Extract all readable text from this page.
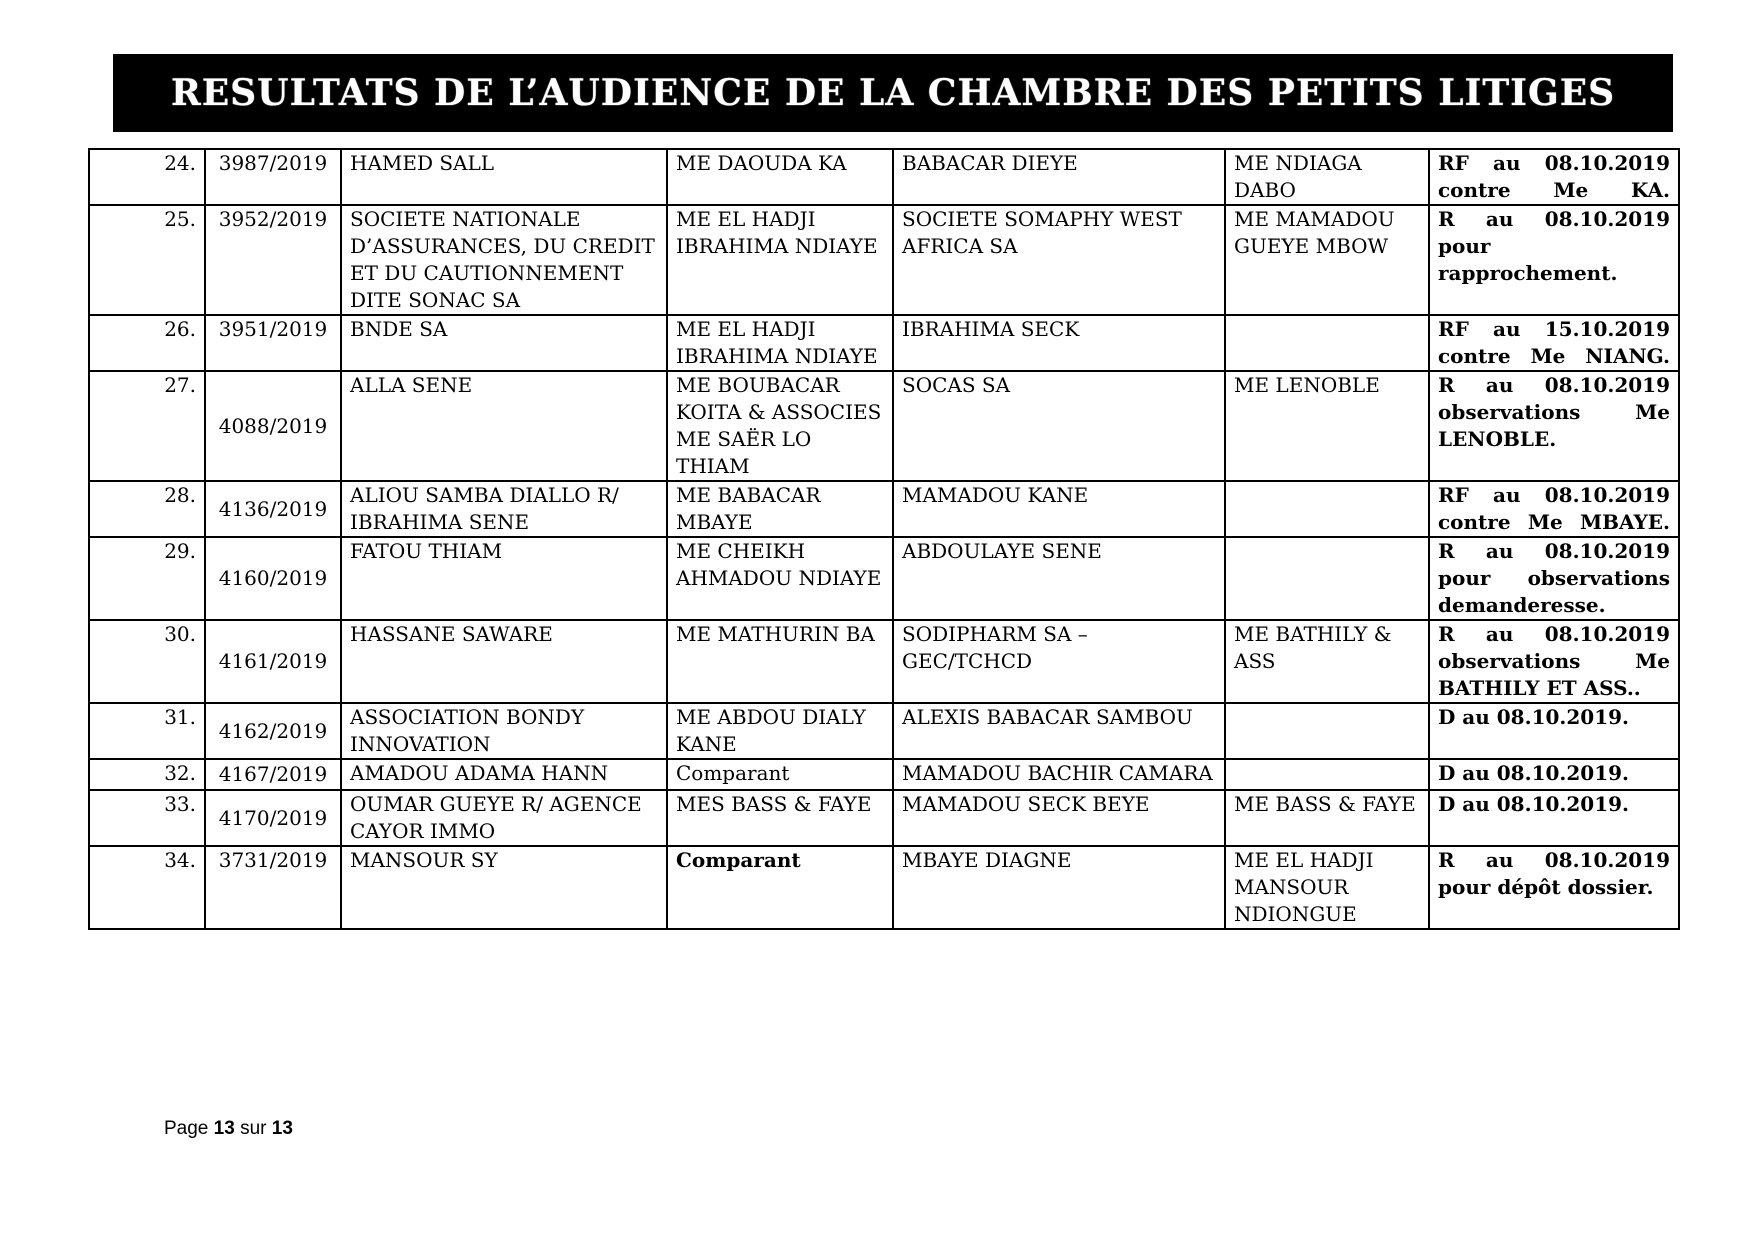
RESULTATS DE L’AUDIENCE DE LA CHAMBRE DES PETITS LITIGES
24.	3987/2019	HAMED SALL	ME DAOUDA KA	BABACAR DIEYE	ME NDIAGA DABO	RF au 08.10.2019 contre Me KA.
25.	3952/2019	SOCIETE NATIONALE D’ASSURANCES, DU CREDIT ET DU CAUTIONNEMENT DITE SONAC SA	ME EL HADJI IBRAHIMA NDIAYE	SOCIETE SOMAPHY WEST AFRICA SA	ME MAMADOU GUEYE MBOW	R au 08.10.2019 pour rapprochement.
26.	3951/2019	BNDE SA	ME EL HADJI IBRAHIMA NDIAYE	IBRAHIMA SECK		RF au 15.10.2019 contre Me NIANG.
27.	4088/2019	ALLA SENE	ME BOUBACAR KOITA & ASSOCIES ME SAËR LO THIAM	SOCAS SA	ME LENOBLE	R au 08.10.2019 observations Me LENOBLE.
28.	4136/2019	ALIOU SAMBA DIALLO R/ IBRAHIMA SENE	ME BABACAR MBAYE	MAMADOU KANE		RF au 08.10.2019 contre Me MBAYE.
29.	4160/2019	FATOU THIAM	ME CHEIKH AHMADOU NDIAYE	ABDOULAYE SENE		R au 08.10.2019 pour observations demanderesse.
30.	4161/2019	HASSANE SAWARE	ME MATHURIN BA	SODIPHARM SA – GEC/TCHCD	ME BATHILY & ASS	R au 08.10.2019 observations Me BATHILY ET ASS..
31.	4162/2019	ASSOCIATION BONDY INNOVATION	ME ABDOU DIALY KANE	ALEXIS BABACAR SAMBOU		D au 08.10.2019.
32.	4167/2019	AMADOU ADAMA HANN	Comparant	MAMADOU BACHIR CAMARA		D au 08.10.2019.
33.	4170/2019	OUMAR GUEYE R/ AGENCE CAYOR IMMO	MES BASS & FAYE	MAMADOU SECK BEYE	ME BASS & FAYE	D au 08.10.2019.
34.	3731/2019	MANSOUR SY	Comparant	MBAYE DIAGNE	ME EL HADJI MANSOUR NDIONGUE	R au 08.10.2019 pour dépôt dossier.
Page 13 sur 13
